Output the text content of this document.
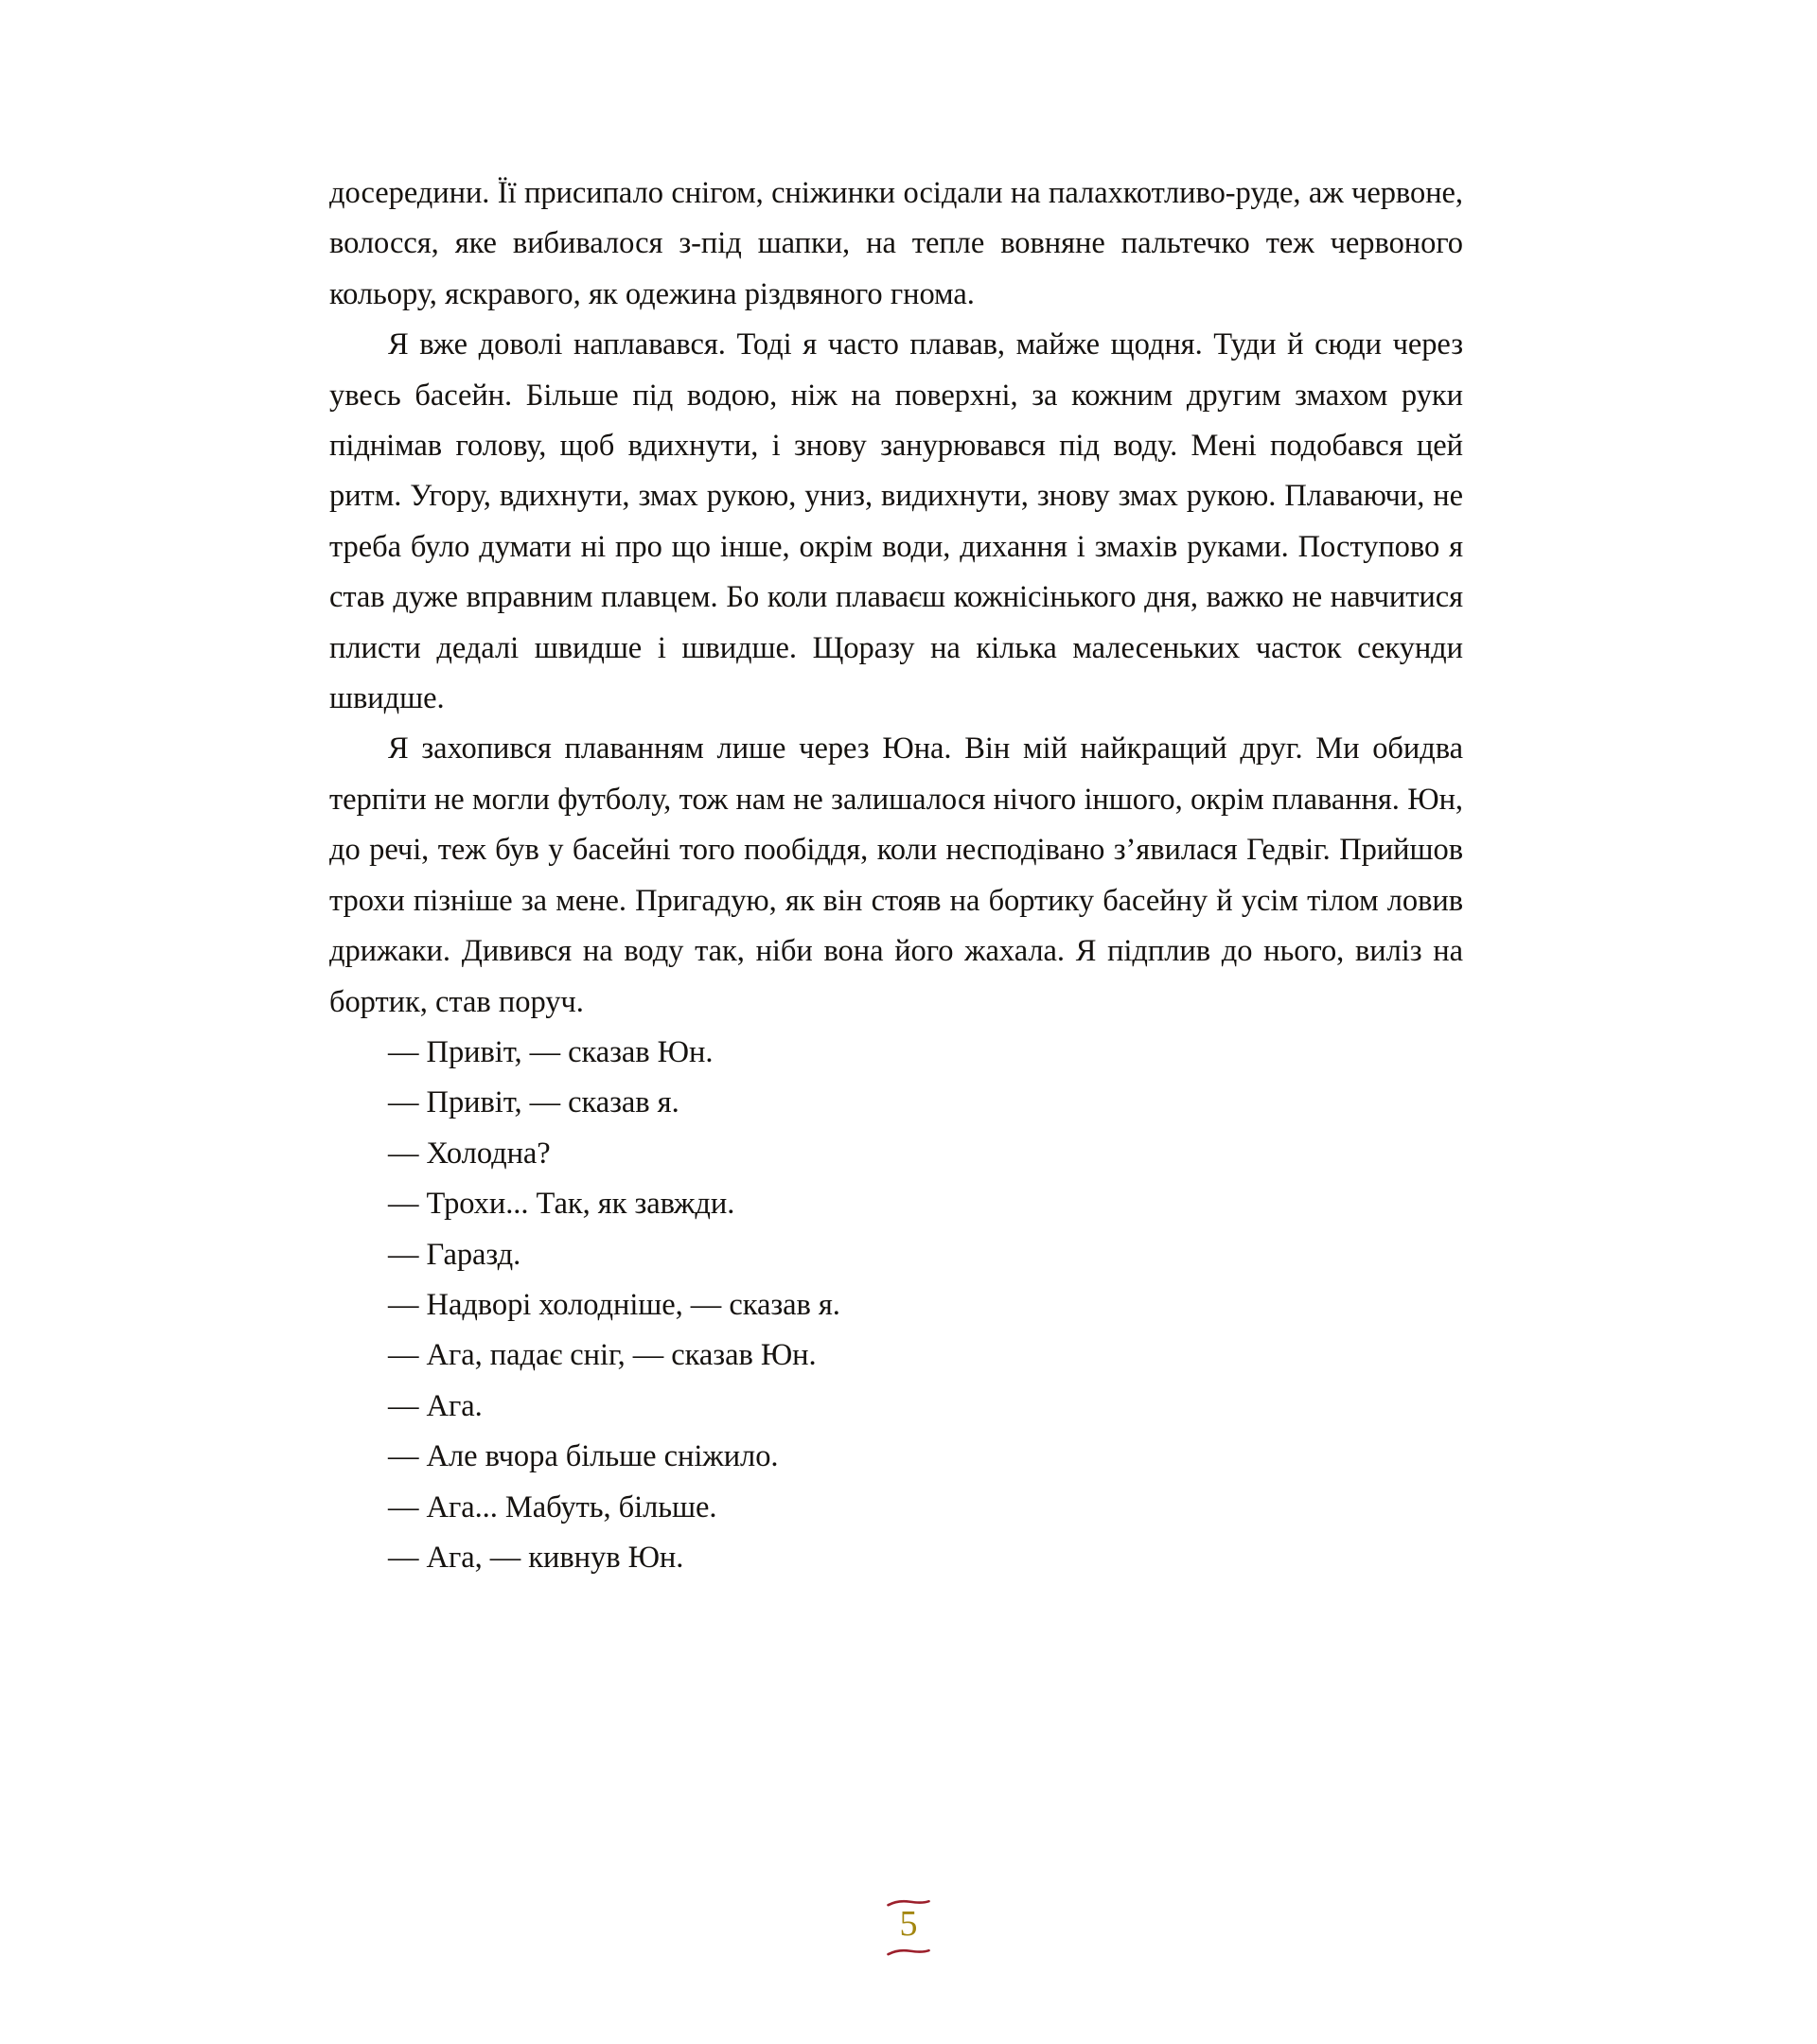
досередини. Її присипало снігом, сніжинки осідали на палахкотливо-руде, аж червоне, волосся, яке вибивалося з-під шапки, на тепле вовняне пальтечко теж червоного кольору, яскравого, як одежина різдвяного гнома.

Я вже доволі наплавався. Тоді я часто плавав, майже щодня. Туди й сюди через увесь басейн. Більше під водою, ніж на поверхні, за кожним другим змахом руки піднімав голову, щоб вдихнути, і знову занурювався під воду. Мені подобався цей ритм. Угору, вдихнути, змах рукою, униз, видихнути, знову змах рукою. Плаваючи, не треба було думати ні про що інше, окрім води, дихання і змахів руками. Поступово я став дуже вправним плавцем. Бо коли плаваєш кожнісінького дня, важко не навчитися плисти дедалі швидше і швидше. Щоразу на кілька малесеньких часток секунди швидше.

Я захопився плаванням лише через Юна. Він мій найкращий друг. Ми обидва терпіти не могли футболу, тож нам не залишалося нічого іншого, окрім плавання. Юн, до речі, теж був у басейні того пообіддя, коли несподівано з’явилася Гедвіг. Прийшов трохи пізніше за мене. Пригадую, як він стояв на бортику басейну й усім тілом ловив дрижаки. Дивився на воду так, ніби вона його жахала. Я підплив до нього, виліз на бортик, став поруч.

— Привіт, — сказав Юн.

— Привіт, — сказав я.

— Холодна?

— Трохи... Так, як завжди.

— Гаразд.

— Надворі холодніше, — сказав я.

— Ага, падає сніг, — сказав Юн.

— Ага.

— Але вчора більше сніжило.

— Ага... Мабуть, більше.

— Ага, — кивнув Юн.

5
